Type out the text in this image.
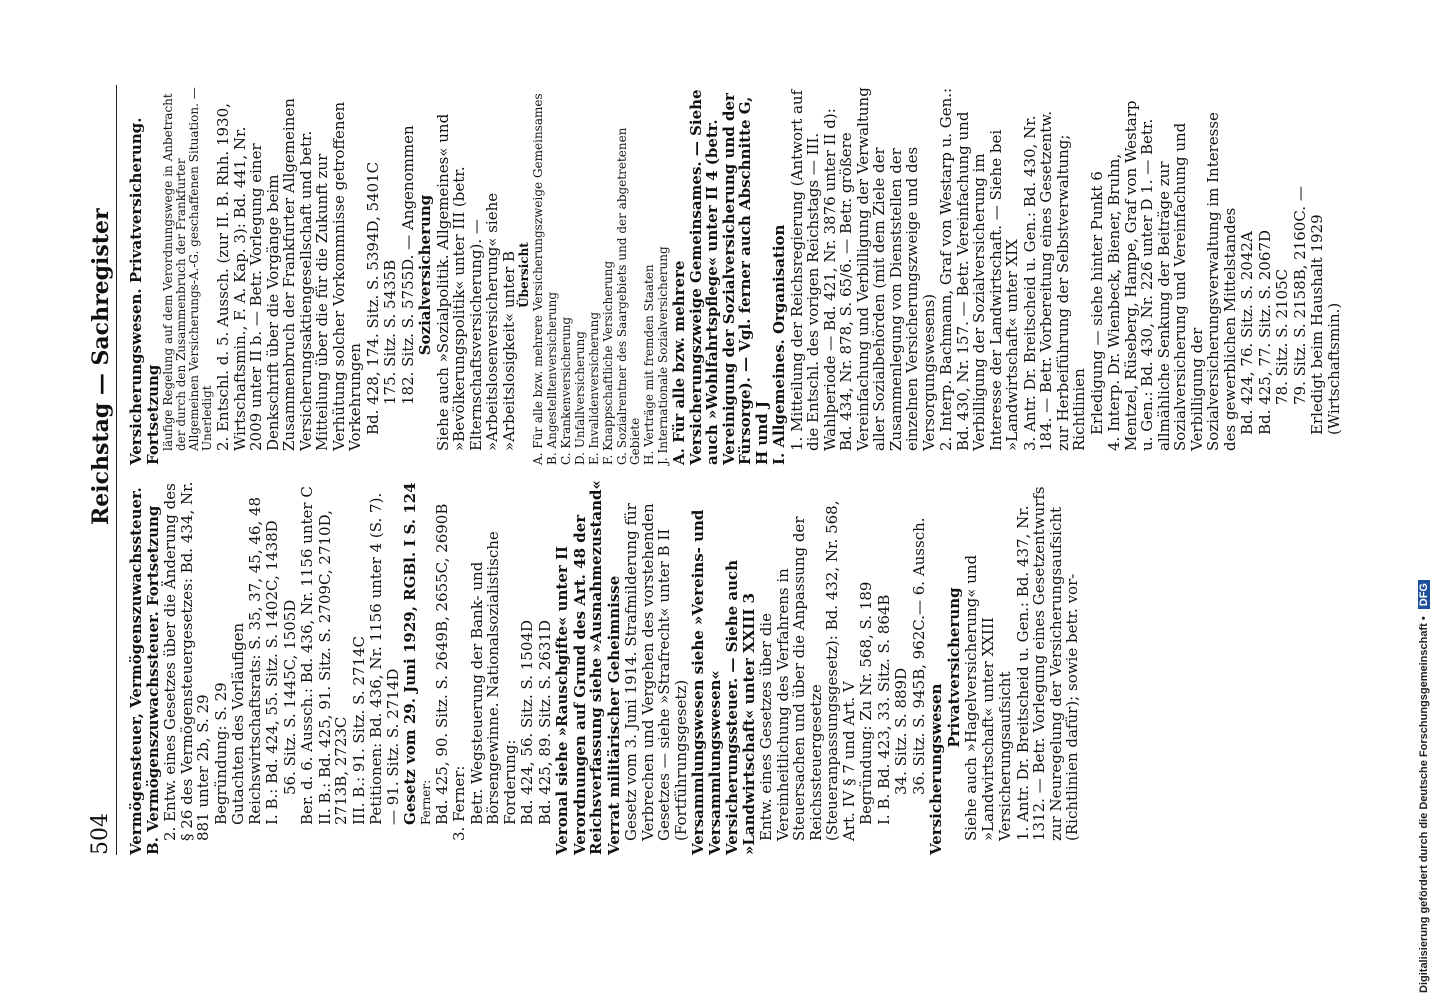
504
Reichstag — Sachregister

Vermögensteuer, Vermögenszuwachssteuer. B. Vermögenszuwachssteuer. Fortsetzung 2. Entw. eines Gesetzes über die Änderung des § 26 des Vermögensteuergesetzes: Bd. 434, Nr. 881 unter 2b, S. 29 Begründung: S. 29 Gutachten des Vorläufigen Reichswirtschaftsrats: S. 35, 37, 45, 46, 48 I. B.: Bd. 424, 55. Sitz. S. 1402C, 1438D 56. Sitz. S. 1445C, 1505D Ber. d. 6. Aussch.: Bd. 436, Nr. 1156 unter C II. B.: Bd. 425, 91. Sitz. S. 2709C, 2710D, 2713B, 2723C III. B.: 91. Sitz. S. 2714C Petitionen: Bd. 436, Nr. 1156 unter 4 (S. 7). — 91. Sitz. S. 2714D Gesetz vom 29. Juni 1929, RGBl. I S. 124 Ferner: Bd. 425, 90. Sitz. S. 2649B, 2655C, 2690B 3. Ferner: Betr. Wegsteuerung der Bank- und Börsengewinne. Nationalsozialistische Forderung: Bd. 424, 56. Sitz. S. 1504D Bd. 425, 89. Sitz. S. 2631D Veronal siehe »Rauschgifte« unter II Verordnungen auf Grund des Art. 48 der Reichsverfassung siehe »Ausnahmezustand« Verrat militärischer Geheimnisse Gesetz vom 3. Juni 1914. Strafmilderung für Verbrechen und Vergehen des vorstehenden Gesetzes — siehe »Strafrecht« unter B II (Fortführungsgesetz) Versammlungswesen siehe »Vereins- und Versammlungswesen« Versicherungssteuer. — Siehe auch »Landwirtschaft« unter XXIII 3 Entw. eines Gesetzes über die Vereinheitlichung des Verfahrens in Steuersachen und über die Anpassung der Reichssteuergesetze (Steueranpassungsgesetz): Bd. 432, Nr. 568, Art. IV § 7 und Art. V Begründung: Zu Nr. 568, S. 189 I. B. Bd. 423, 33. Sitz. S. 864B 34. Sitz. S. 889D 36. Sitz. S. 945B, 962C.— 6. Aussch. Versicherungswesen

Privatversicherung Siehe auch »Hagelversicherung« und »Landwirtschaft« unter XXIII Versicherungsaufsicht 1. Antr. Dr. Breitscheid u. Gen.: Bd. 437, Nr. 1312. — Betr. Vorlegung eines Gesetzentwurfs zur Neuregelung der Versicherungsaufsicht (Richtlinien dafür); sowie betr. vor-

Versicherungswesen. Privatversicherung. Fortsetzung läufige Regelung auf dem Verordnungswege in Anbetracht der durch den Zusammenbruch der Frankfurter Allgemeinen Versicherungs-A.-G. geschaffenen Situation. — Unerledigt 2. Entschl. d. 5. Aussch. (zur II. B. Rhh. 1930, Wirtschaftsmin., F. A. Kap. 3): Bd. 441, Nr. 2009 unter II b. — Betr. Vorlegung einer Denkschrift über die Vorgänge beim Zusammenbruch der Frankfurter Allgemeinen Versicherungsaktiengesellschaft und betr. Mitteilung über die für die Zukunft zur Verhütung solcher Vorkommnisse getroffenen Vorkehrungen Bd. 428, 174. Sitz. S. 5394D, 5401C 175. Sitz. S. 5435B 182. Sitz. S. 5755D. — Angenommen Sozialversicherung Siehe auch »Sozialpolitik. Allgemeines« und »Bevölkerungspolitik« unter III (betr. Elternschaftsversicherung). — »Arbeitslosenversicherung« siehe »Arbeitslosigkeit« unter B Übersicht A. Für alle bzw. mehrere Versicherungszweige Gemeinsames B. Angestelltenversicherung C. Krankenversicherung D. Unfallversicherung E. Invalidenversicherung F. Knappschaftliche Versicherung G. Sozialrentner des Saargebiets und der abgetretenen Gebiete H. Verträge mit fremden Staaten J. Internationale Sozialversicherung A. Für alle bzw. mehrere Versicherungszweige Gemeinsames. — Siehe auch »Wohlfahrtspflege« unter II 4 (betr. Vereinigung der Sozialversicherung und der Fürsorge). — Vgl. ferner auch Abschnitte G, H und J I. Allgemeines. Organisation 1. Mitteilung der Reichsregierung (Antwort auf die Entschl. des vorigen Reichstags — III. Wahlperiode — Bd. 421, Nr. 3876 unter II d): Bd. 434, Nr. 878, S. 65/6. — Betr. größere Vereinfachung und Verbilligung der Verwaltung aller Sozialbehörden (mit dem Ziele der Zusammenlegung von Dienststellen der einzelnen Versicherungszweige und des Versorgungswesens) 2. Interp. Bachmann, Graf von Westarp u. Gen.: Bd. 430, Nr. 157. — Betr. Vereinfachung und Verbilligung der Sozialversicherung im Interesse der Landwirtschaft. — Siehe bei »Landwirtschaft« unter XIX 3. Antr. Dr. Breitscheid u. Gen.: Bd. 430, Nr. 184. — Betr. Vorbereitung eines Gesetzentw. zur Herbeiführung der Selbstverwaltung; Richtlinien Erledigung — siehe hinter Punkt 6 4. Interp. Dr. Wienbeck, Biener, Bruhn, Mentzel, Rüseberg, Hampe, Graf von Westarp u. Gen.: Bd. 430, Nr. 226 unter D 1. — Betr. allmähliche Senkung der Beiträge zur Sozialversicherung und Vereinfachung und Verbilligung der Sozialversicherungsverwaltung im Interesse des gewerblichen Mittelstandes Bd. 424, 76. Sitz. S. 2042A Bd. 425, 77. Sitz. S. 2067D 78. Sitz. S. 2105C 79. Sitz. S. 2158B, 2160C. — Erledigt beim Haushalt 1929 (Wirtschaftsmin.)

Digitalisierung gefördert durch die Deutsche Forschungsgemeinschaft • DFG
